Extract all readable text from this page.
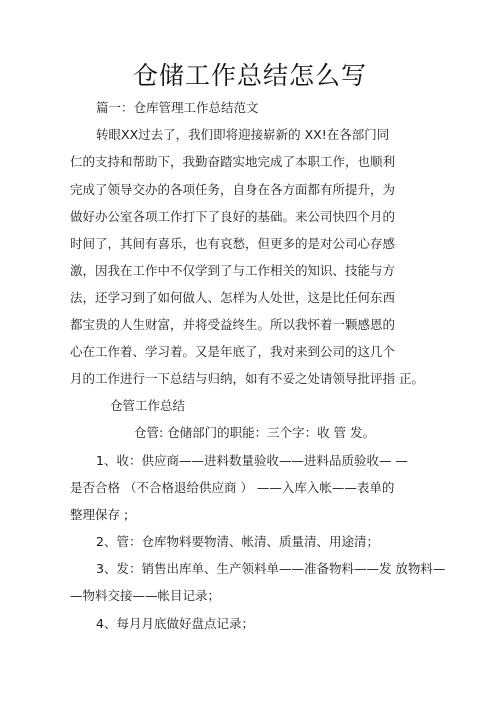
仓储工作总结怎么写
篇一：仓库管理工作总结范文
转眼XX过去了，我们即将迎接崭新的 XX!在各部门同
仁的支持和帮助下，我勤奋踏实地完成了本职工作，也顺利
完成了领导交办的各项任务，自身在各方面都有所提升，为
做好办公室各项工作打下了良好的基础。来公司快四个月的
时间了，其间有喜乐，也有哀愁，但更多的是对公司心存感
激，因我在工作中不仅学到了与工作相关的知识、技能与方
法，还学习到了如何做人、怎样为人处世，这是比任何东西
都宝贵的人生财富，并将受益终生。所以我怀着一颗感恩的
心在工作着、学习着。又是年底了，我对来到公司的这几个
月的工作进行一下总结与归纳，如有不妥之处请领导批评指 正。
仓管工作总结
仓管: 仓储部门的职能：三个字：收 管 发。
1、收：供应商——进料数量验收——进料品质验收— —
是否合格 （不合格退给供应商 ） ——入库入帐——表单的
整理保存 ;
2、管：仓库物料要物清、帐清、质量清、用途清；
3、发：销售出库单、生产领料单——准备物料——发 放物料—
—物料交接——帐目记录；
4、每月月底做好盘点记录；
